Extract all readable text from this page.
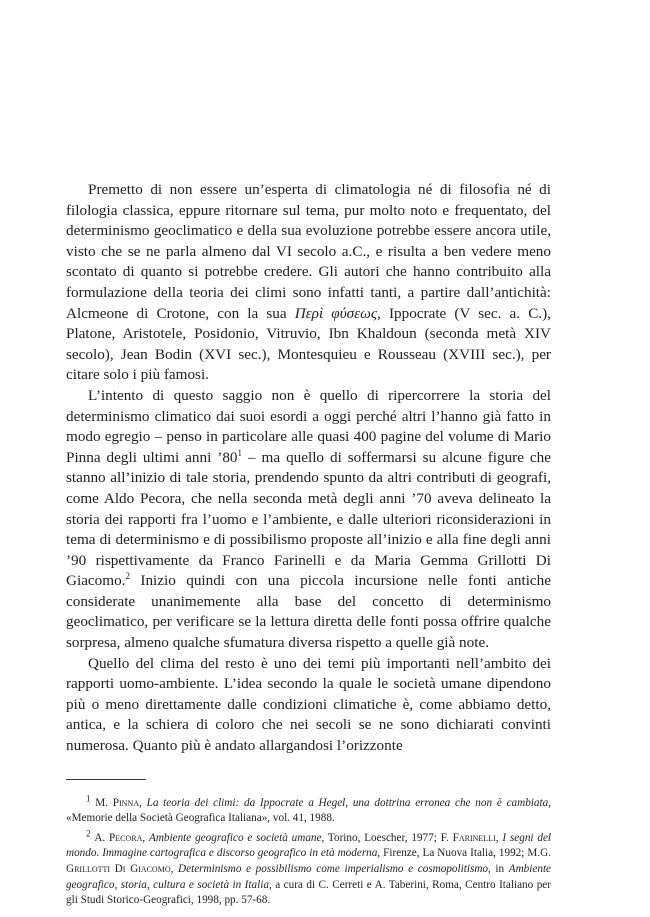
Premetto di non essere un’esperta di climatologia né di filosofia né di filologia classica, eppure ritornare sul tema, pur molto noto e frequentato, del determinismo geoclimatico e della sua evoluzione potrebbe essere ancora utile, visto che se ne parla almeno dal VI secolo a.C., e risulta a ben vedere meno scontato di quanto si potrebbe credere. Gli autori che hanno contribuito alla formulazione della teoria dei climi sono infatti tanti, a partire dall’antichità: Alcmeone di Crotone, con la sua Περὶ φύσεως, Ippocrate (V sec. a. C.), Platone, Aristotele, Posidonio, Vitruvio, Ibn Khaldoun (seconda metà XIV secolo), Jean Bodin (XVI sec.), Montesquieu e Rousseau (XVIII sec.), per citare solo i più famosi.

L’intento di questo saggio non è quello di ripercorrere la storia del determinismo climatico dai suoi esordi a oggi perché altri l’hanno già fatto in modo egregio – penso in particolare alle quasi 400 pagine del volume di Mario Pinna degli ultimi anni $’80^1$ – ma quello di soffermarsi su alcune figure che stanno all’inizio di tale storia, prendendo spunto da altri contributi di geografi, come Aldo Pecora, che nella seconda metà degli anni ’70 aveva delineato la storia dei rapporti fra l’uomo e l’ambiente, e dalle ulteriori riconsiderazioni in tema di determinismo e di possibilismo proposte all’inizio e alla fine degli anni ’90 rispettivamente da Franco Farinelli e da Maria Gemma Grillotti Di Giacomo.$^2$ Inizio quindi con una piccola incursione nelle fonti antiche considerate unanimemente alla base del concetto di determinismo geoclimatico, per verificare se la lettura diretta delle fonti possa offrire qualche sorpresa, almeno qualche sfumatura diversa rispetto a quelle già note.

Quello del clima del resto è uno dei temi più importanti nell’ambito dei rapporti uomo-ambiente. L’idea secondo la quale le società umane dipendono più o meno direttamente dalle condizioni climatiche è, come abbiamo detto, antica, e la schiera di coloro che nei secoli se ne sono dichiarati convinti numerosa. Quanto più è andato allargandosi l’orizzonte

$^1$ M. Pinna, La teoria dei climi: da Ippocrate a Hegel, una dottrina erronea che non è cambiata, «Memorie della Società Geografica Italiana», vol. 41, 1988.

$^2$ A. Pecora, Ambiente geografico e società umane, Torino, Loescher, 1977; F. Farinelli, I segni del mondo. Immagine cartografica e discorso geografico in età moderna, Firenze, La Nuova Italia, 1992; M.G. Grillotti Di Giacomo, Determinismo e possibilismo come imperialismo e cosmopolitismo, in Ambiente geografico, storia, cultura e società in Italia, a cura di C. Cerreti e A. Taberini, Roma, Centro Italiano per gli Studi Storico-Geografici, 1998, pp. 57-68.
